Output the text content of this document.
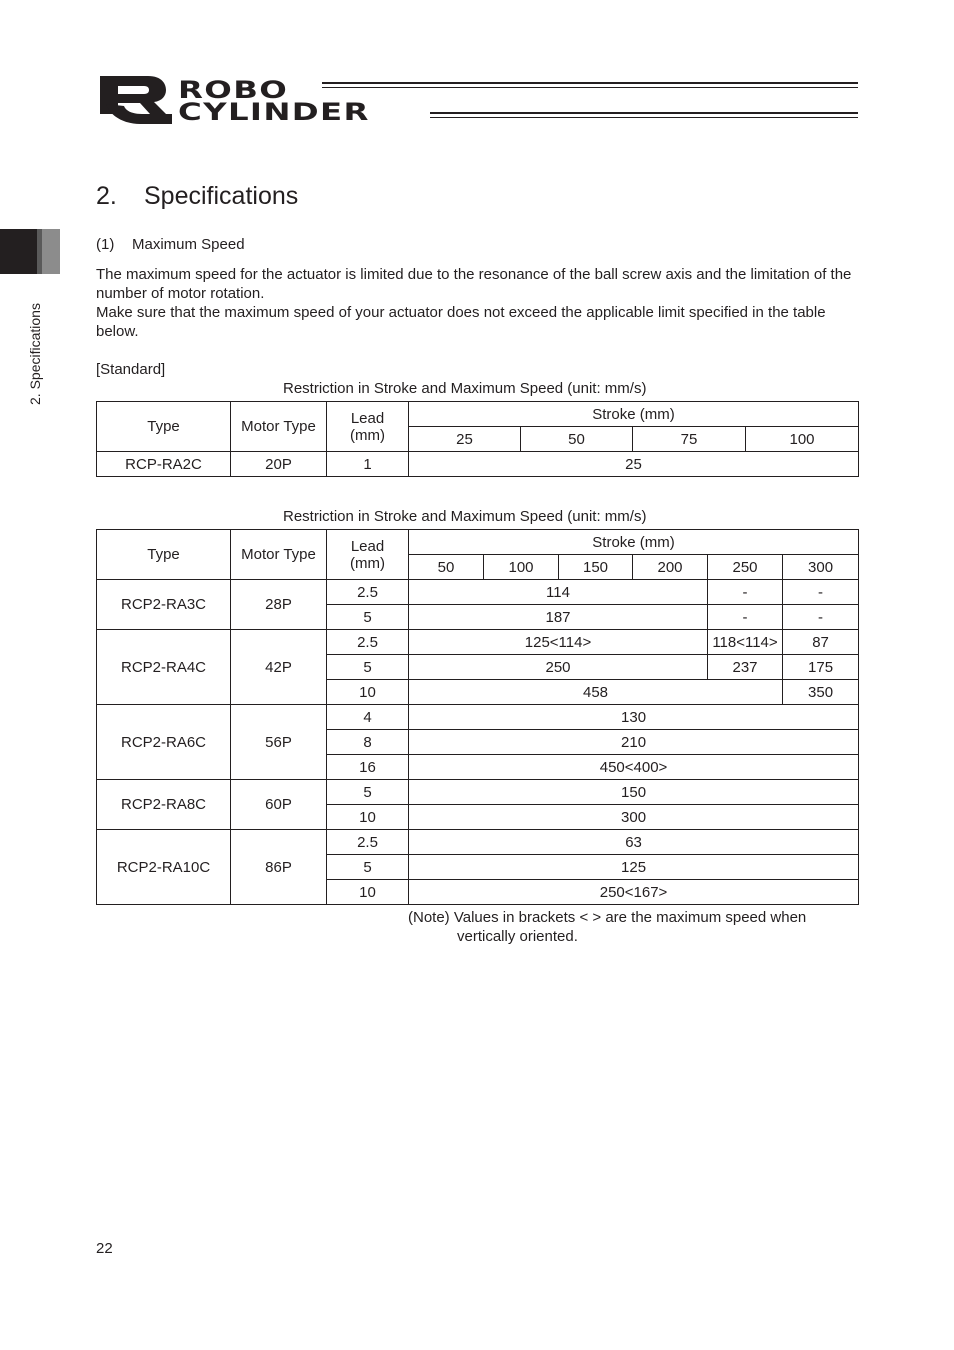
ROBO
CYLINDER
2. Specifications
2. Specifications
(1) Maximum Speed
The maximum speed for the actuator is limited due to the resonance of the ball screw axis and the limitation of the number of motor rotation.
Make sure that the maximum speed of your actuator does not exceed the applicable limit specified in the table below.
[Standard]
Restriction in Stroke and Maximum Speed (unit: mm/s)
Type	Motor Type	Lead (mm)	Stroke (mm)			
			25	50	75	100
RCP-RA2C	20P	1	25			
Restriction in Stroke and Maximum Speed (unit: mm/s)
Type	Motor Type	Lead (mm)	Stroke (mm)					
			50	100	150	200	250	300
RCP2-RA3C	28P	2.5	114				-	-
		5	187				-	-
RCP2-RA4C	42P	2.5	125<114>				118<114>	87
		5	250				237	175
		10	458					350
RCP2-RA6C	56P	4	130					
		8	210					
		16	450<400>					
RCP2-RA8C	60P	5	150					
		10	300					
RCP2-RA10C	86P	2.5	63					
		5	125					
		10	250<167>					
(Note) Values in brackets < > are the maximum speed when
vertically oriented.
22
